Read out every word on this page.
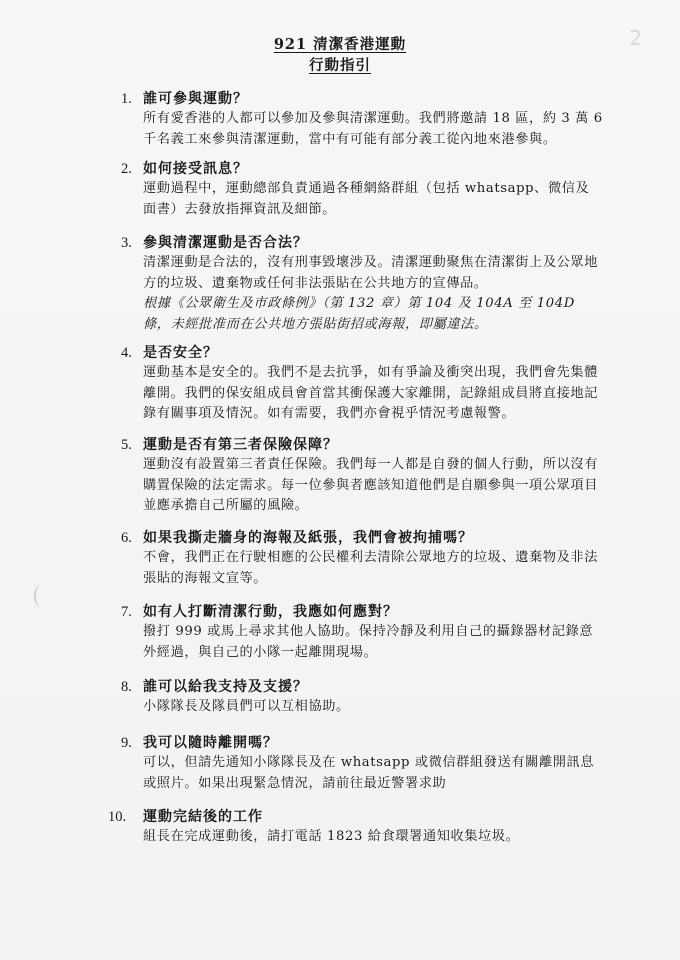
2
921 清潔香港運動
行動指引
1. 誰可參與運動？

所有愛香港的人都可以參加及參與清潔運動。我們將邀請 18 區，約 3 萬 6 千名義工來參與清潔運動，當中有可能有部分義工從內地來港參與。

2. 如何接受訊息？

運動過程中，運動總部負責通過各種網絡群組（包括 whatsapp、微信及面書）去發放指揮資訊及細節。

3. 參與清潔運動是否合法？

清潔運動是合法的，沒有刑事毀壞涉及。清潔運動聚焦在清潔街上及公眾地方的垃圾、遺棄物或任何非法張貼在公共地方的宣傳品。

根據《公眾衛生及市政條例》（第 132 章）第 104 及 104A 至 104D 條，未經批准而在公共地方張貼街招或海報，即屬違法。

4. 是否安全？

運動基本是安全的。我們不是去抗爭，如有爭論及衝突出現，我們會先集體離開。我們的保安組成員會首當其衝保護大家離開，記錄組成員將直接地記錄有關事項及情況。如有需要，我們亦會視乎情況考慮報警。

5. 運動是否有第三者保險保障？

運動沒有設置第三者責任保險。我們每一人都是自發的個人行動，所以沒有購置保險的法定需求。每一位參與者應該知道他們是自願參與一項公眾項目並應承擔自己所屬的風險。

6. 如果我撕走牆身的海報及紙張，我們會被拘捕嗎？

不會，我們正在行駛相應的公民權利去清除公眾地方的垃圾、遺棄物及非法張貼的海報文宣等。

7. 如有人打斷清潔行動，我應如何應對？

撥打 999 或馬上尋求其他人協助。保持冷靜及利用自己的攝錄器材記錄意外經過，與自己的小隊一起離開現場。

8. 誰可以給我支持及支援？

小隊隊長及隊員們可以互相協助。

9. 我可以隨時離開嗎？

可以，但請先通知小隊隊長及在 whatsapp 或微信群組發送有關離開訊息或照片。如果出現緊急情況，請前往最近警署求助

10. 運動完結後的工作

組長在完成運動後，請打電話 1823 給食環署通知收集垃圾。
